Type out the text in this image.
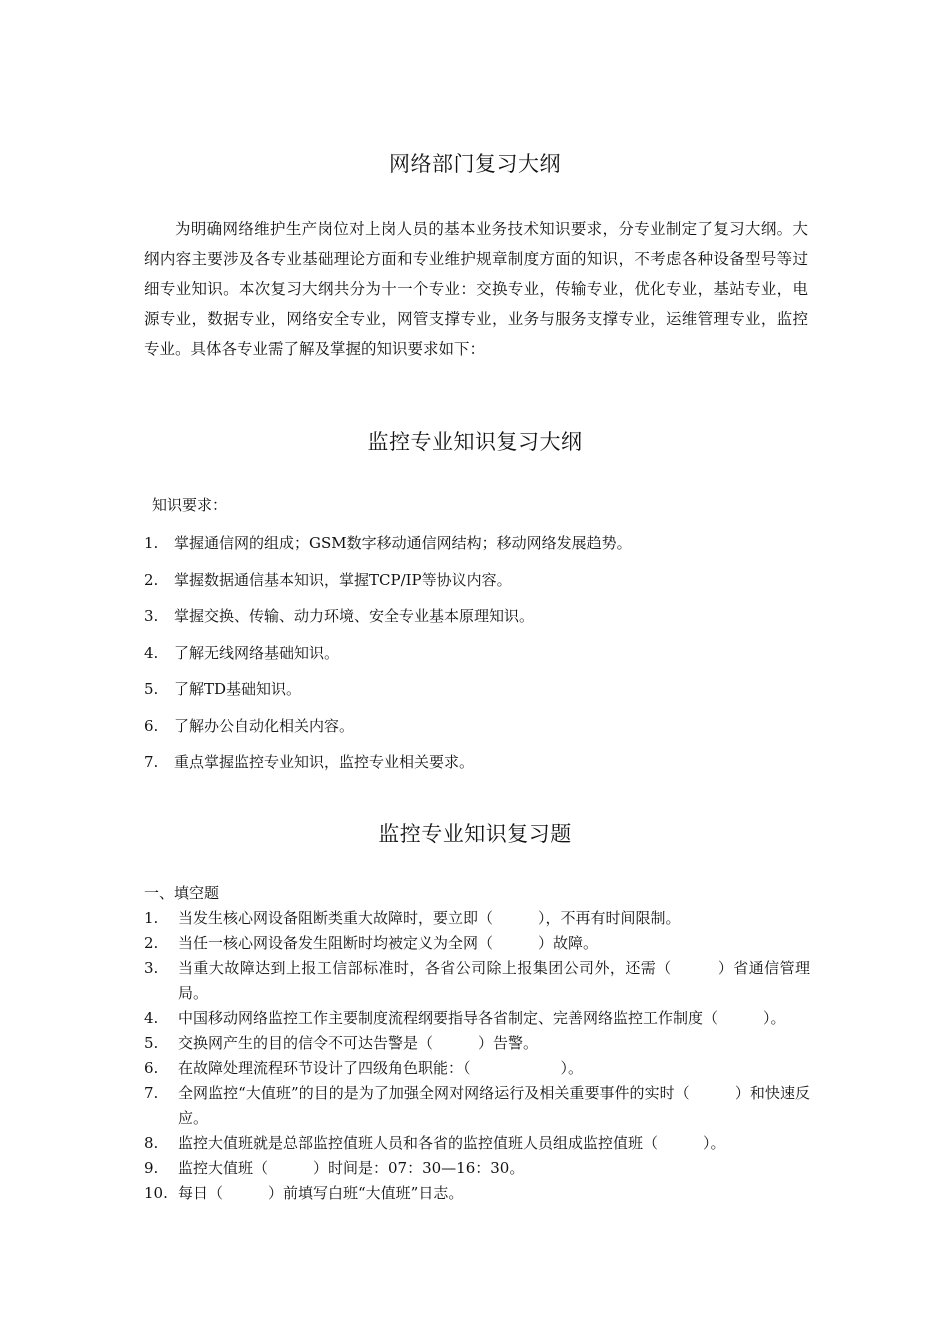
网络部门复习大纲
为明确网络维护生产岗位对上岗人员的基本业务技术知识要求，分专业制定了复习大纲。大纲内容主要涉及各专业基础理论方面和专业维护规章制度方面的知识，不考虑各种设备型号等过细专业知识。本次复习大纲共分为十一个专业：交换专业，传输专业，优化专业，基站专业，电源专业，数据专业，网络安全专业，网管支撑专业，业务与服务支撑专业，运维管理专业，监控专业。具体各专业需了解及掌握的知识要求如下：
监控专业知识复习大纲
知识要求：
1.	掌握通信网的组成；GSM数字移动通信网结构；移动网络发展趋势。
2.	掌握数据通信基本知识，掌握TCP/IP等协议内容。
3.	掌握交换、传输、动力环境、安全专业基本原理知识。
4.	了解无线网络基础知识。
5.	了解TD基础知识。
6.	了解办公自动化相关内容。
7.	重点掌握监控专业知识，监控专业相关要求。
监控专业知识复习题
一、填空题
1. 当发生核心网设备阻断类重大故障时，要立即（　　　），不再有时间限制。
2. 当任一核心网设备发生阻断时均被定义为全网（　　　）故障。
3. 当重大故障达到上报工信部标准时，各省公司除上报集团公司外，还需（　　　）省通信管理局。
4. 中国移动网络监控工作主要制度流程纲要指导各省制定、完善网络监控工作制度（　　　）。
5. 交换网产生的目的信令不可达告警是（　　　）告警。
6. 在故障处理流程环节设计了四级角色职能：（　　　　　　）。
7. 全网监控“大值班”的目的是为了加强全网对网络运行及相关重要事件的实时（　　　）和快速反应。
8. 监控大值班就是总部监控值班人员和各省的监控值班人员组成监控值班（　　　）。
9. 监控大值班（　　　）时间是：07：30—16：30。
10. 每日（　　　）前填写白班“大值班”日志。
